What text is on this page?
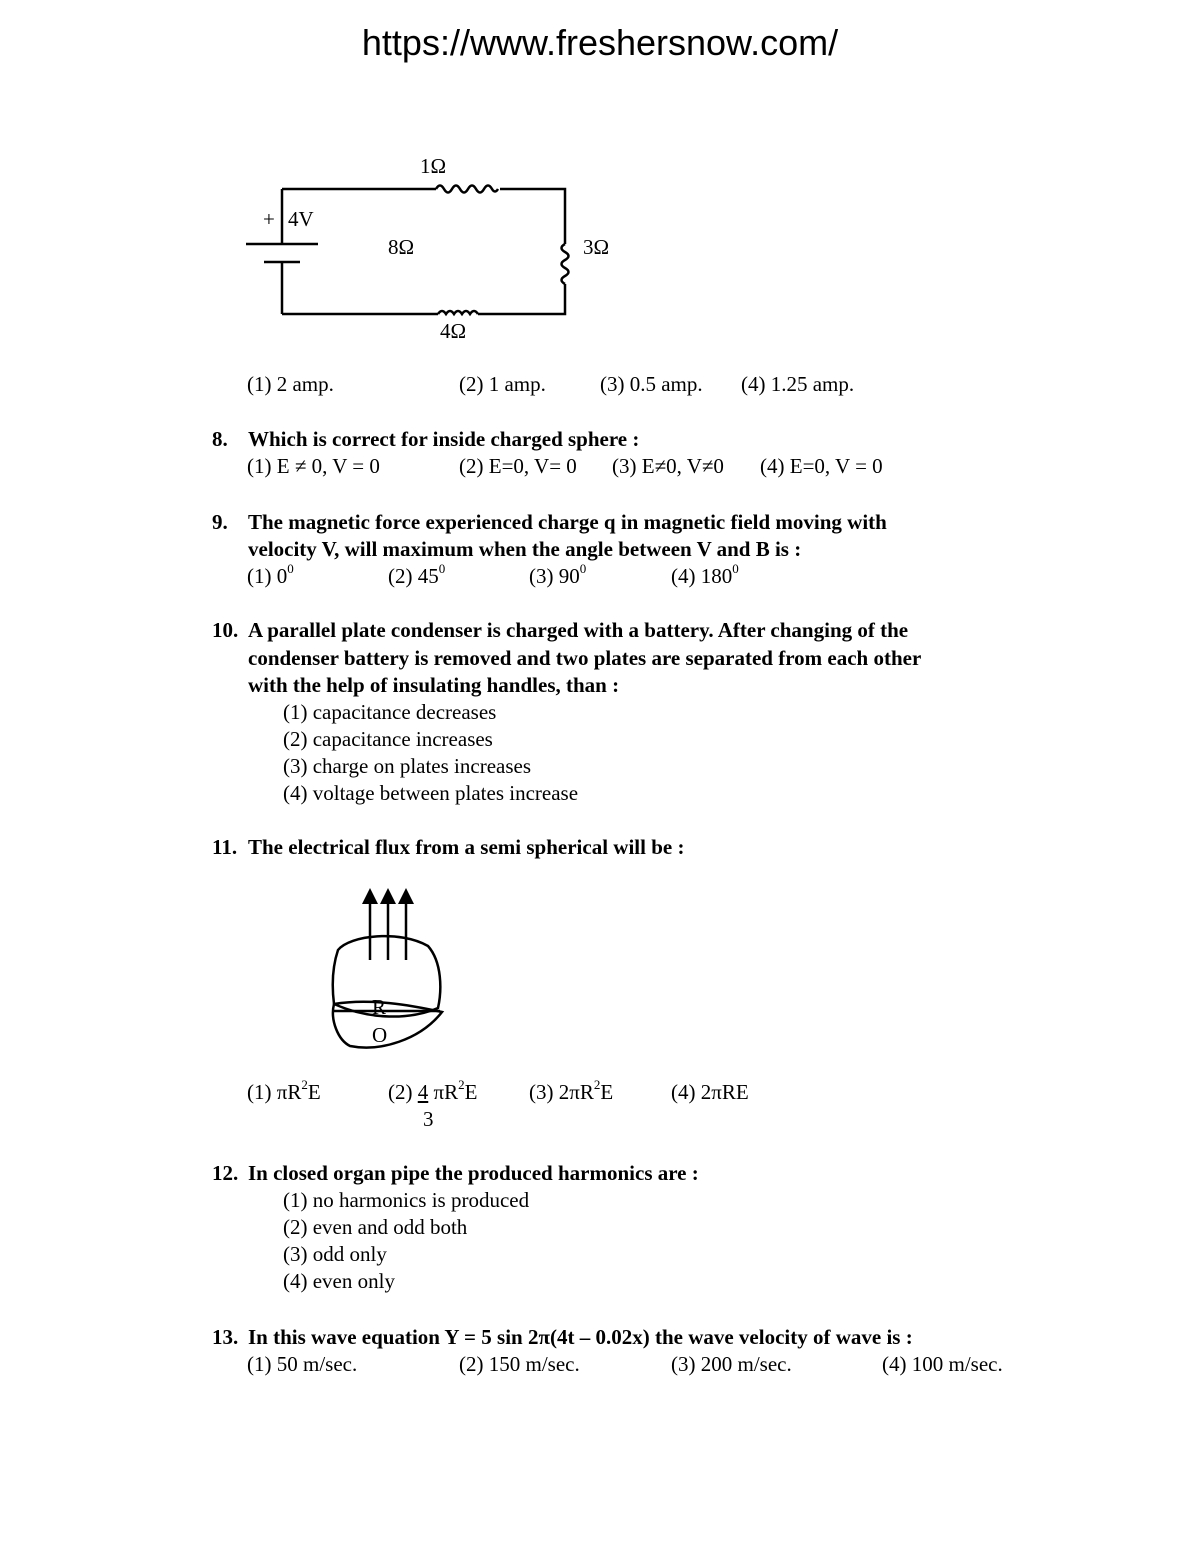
https://www.freshersnow.com/
1Ω
+ 4V
8Ω	3Ω
4Ω
(1) 2 amp.	(2) 1 amp.	(3) 0.5 amp. (4) 1.25 amp.
8. Which is correct for inside charged sphere :
(1) E ≠ 0, V = 0	(2) E=0, V= 0 (3) E≠0, V≠0 (4) E=0, V = 0
9. The magnetic force experienced charge q in magnetic field moving with
velocity V, will maximum when the angle between V and B is :
(1) $0^0$	(2) $45^0$	(3) $90^0$	(4) $180^0$
10. A parallel plate condenser is charged with a battery. After changing of the
condenser battery is removed and two plates are separated from each other
with the help of insulating handles, than :
(1) capacitance decreases
(2) capacitance increases
(3) charge on plates increases
(4) voltage between plates increase
11. The electrical flux from a semi spherical will be :
R
O
(1) $\pi R^2E$	(2) 4 $\pi R^2E$
3
(3) $2\pi R^2E$	(4) 2πRE
12. In closed organ pipe the produced harmonics are :
(1) no harmonics is produced
(2) even and odd both
(3) odd only
(4) even only
13. In this wave equation Y = 5 sin 2π(4t – 0.02x) the wave velocity of wave is :
(1) 50 m/sec.	(2) 150 m/sec.	(3) 200 m/sec.	(4) 100 m/sec.
